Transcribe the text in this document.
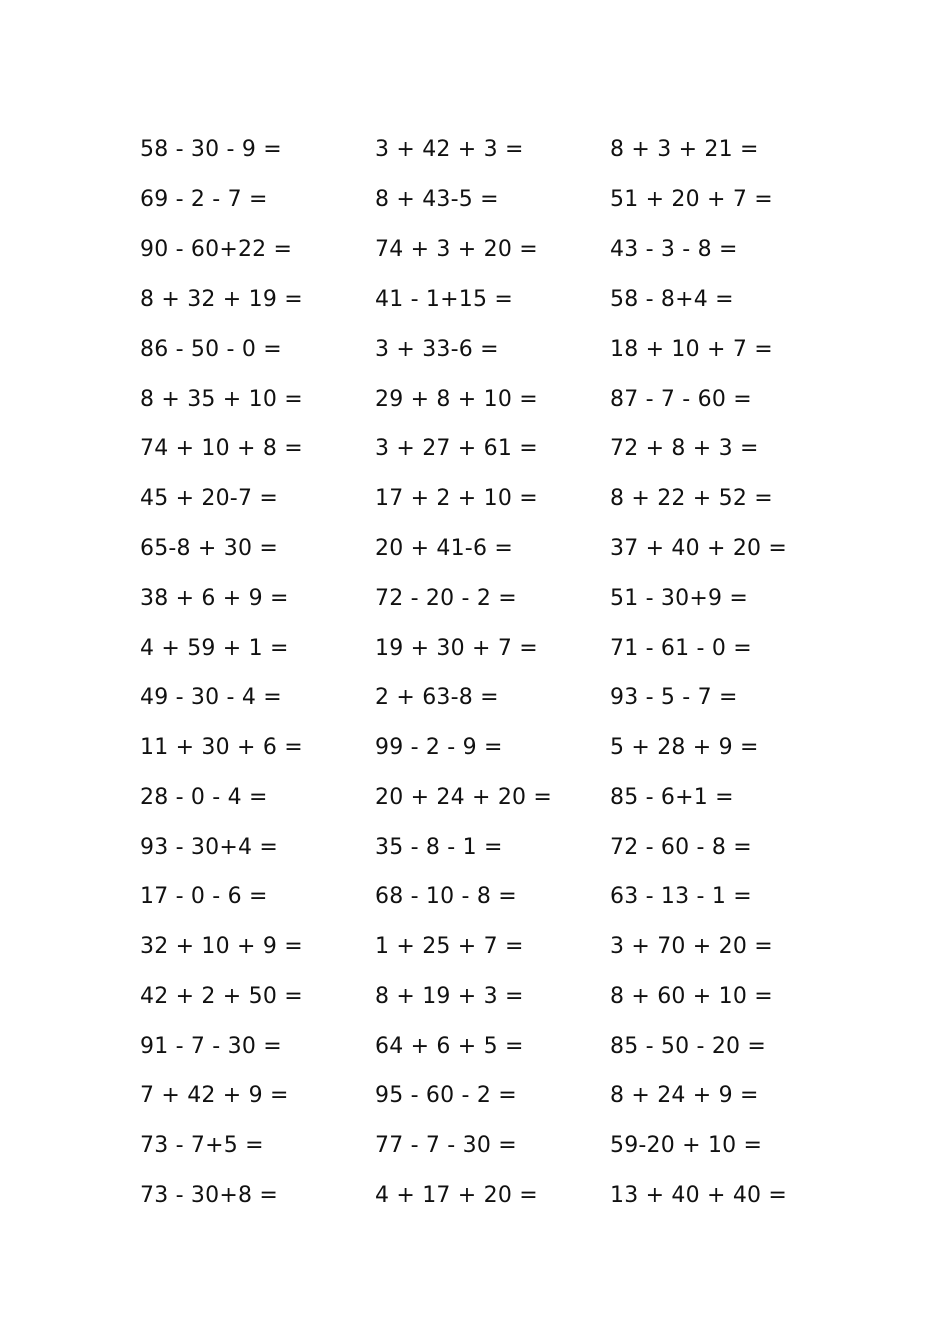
58 - 30 - 9 =	3 + 42 + 3 =	8 + 3 + 21 =
69 - 2 - 7 =	8 + 43-5 =	51 + 20 + 7 =
90 - 60+22 =	74 + 3 + 20 =	43 - 3 - 8 =
8 + 32 + 19 =	41 - 1+15 =	58 - 8+4 =
86 - 50 - 0 =	3 + 33-6 =	18 + 10 + 7 =
8 + 35 + 10 =	29 + 8 + 10 =	87 - 7 - 60 =
74 + 10 + 8 =	3 + 27 + 61 =	72 + 8 + 3 =
45 + 20-7 =	17 + 2 + 10 =	8 + 22 + 52 =
65-8 + 30 =	20 + 41-6 =	37 + 40 + 20 =
38 + 6 + 9 =	72 - 20 - 2 =	51 - 30+9 =
4 + 59 + 1 =	19 + 30 + 7 =	71 - 61 - 0 =
49 - 30 - 4 =	2 + 63-8 =	93 - 5 - 7 =
11 + 30 + 6 =	99 - 2 - 9 =	5 + 28 + 9 =
28 - 0 - 4 =	20 + 24 + 20 =	85 - 6+1 =
93 - 30+4 =	35 - 8 - 1 =	72 - 60 - 8 =
17 - 0 - 6 =	68 - 10 - 8 =	63 - 13 - 1 =
32 + 10 + 9 =	1 + 25 + 7 =	3 + 70 + 20 =
42 + 2 + 50 =	8 + 19 + 3 =	8 + 60 + 10 =
91 - 7 - 30 =	64 + 6 + 5 =	85 - 50 - 20 =
7 + 42 + 9 =	95 - 60 - 2 =	8 + 24 + 9 =
73 - 7+5 =	77 - 7 - 30 =	59-20 + 10 =
73 - 30+8 =	4 + 17 + 20 =	13 + 40 + 40 =
